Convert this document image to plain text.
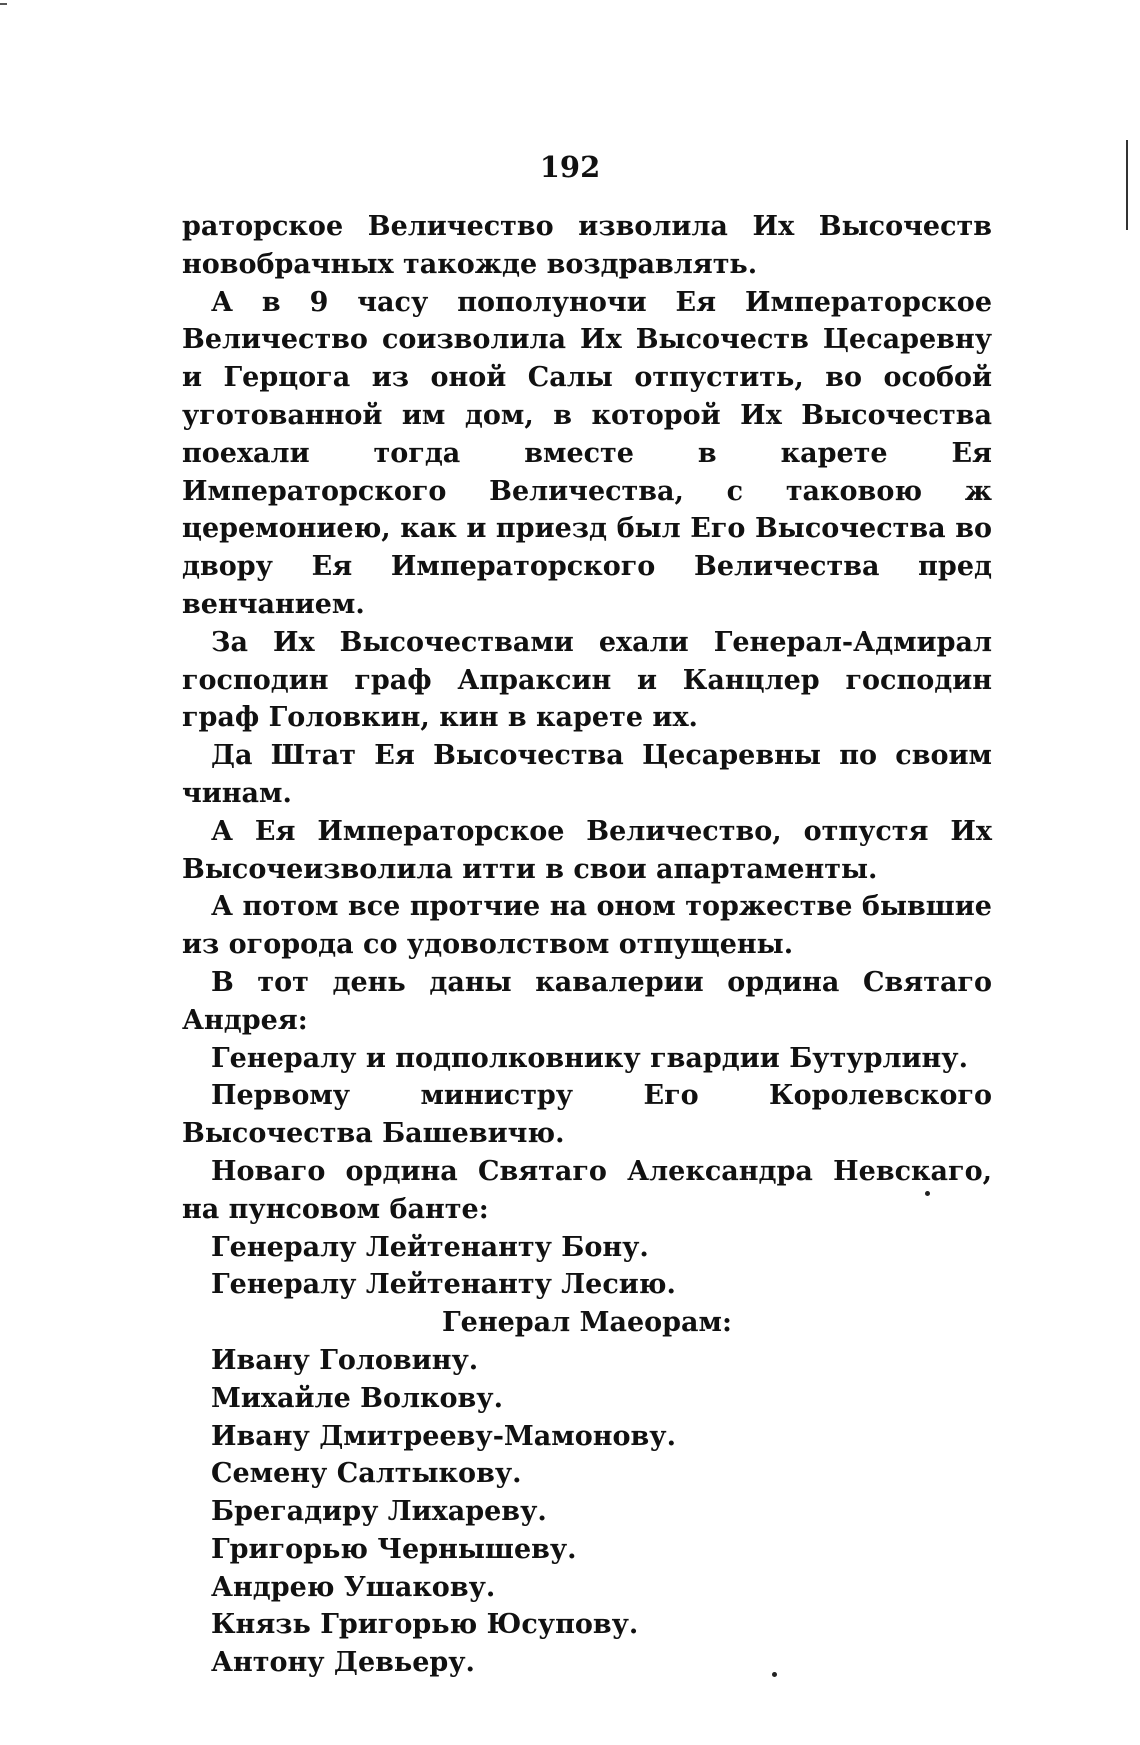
192

раторское Величество изволила Их Высочеств новобрачных такожде воздравлять.

А в 9 часу пополуночи Ея Императорское Величество соизволила Их Высочеств Цесаревну и Герцога из оной Салы отпустить, во особой уготованной им дом, в которой Их Высочества поехали тогда вместе в карете Ея Императорского Величества, с таковою ж церемониею, как и приезд был Его Высочества во двору Ея Императорского Величества пред венчанием.

За Их Высочествами ехали Генерал-Адмирал господин граф Апраксин и Канцлер господин граф Головкин, кин в карете их.

Да Штат Ея Высочества Цесаревны по своим чинам.

А Ея Императорское Величество, отпустя Их Высочеизволила итти в свои апартаменты.

А потом все протчие на оном торжестве бывшие из огорода со удоволством отпущены.

В тот день даны кавалерии ордина Святаго Андрея:

Генералу и подполковнику гвардии Бутурлину.

Первому министру Его Королевского Высочества Башевичю.

Новаго ордина Святаго Александра Невскаго, на пунсовом банте:

Генералу Лейтенанту Бону.

Генералу Лейтенанту Лесию.

Генерал Маеорам:

Ивану Головину.

Михайле Волкову.

Ивану Дмитрееву-Мамонову.

Семену Салтыкову.

Брегадиру Лихареву.

Григорью Чернышеву.

Андрею Ушакову.

Князь Григорью Юсупову.

Антону Девьеру.
